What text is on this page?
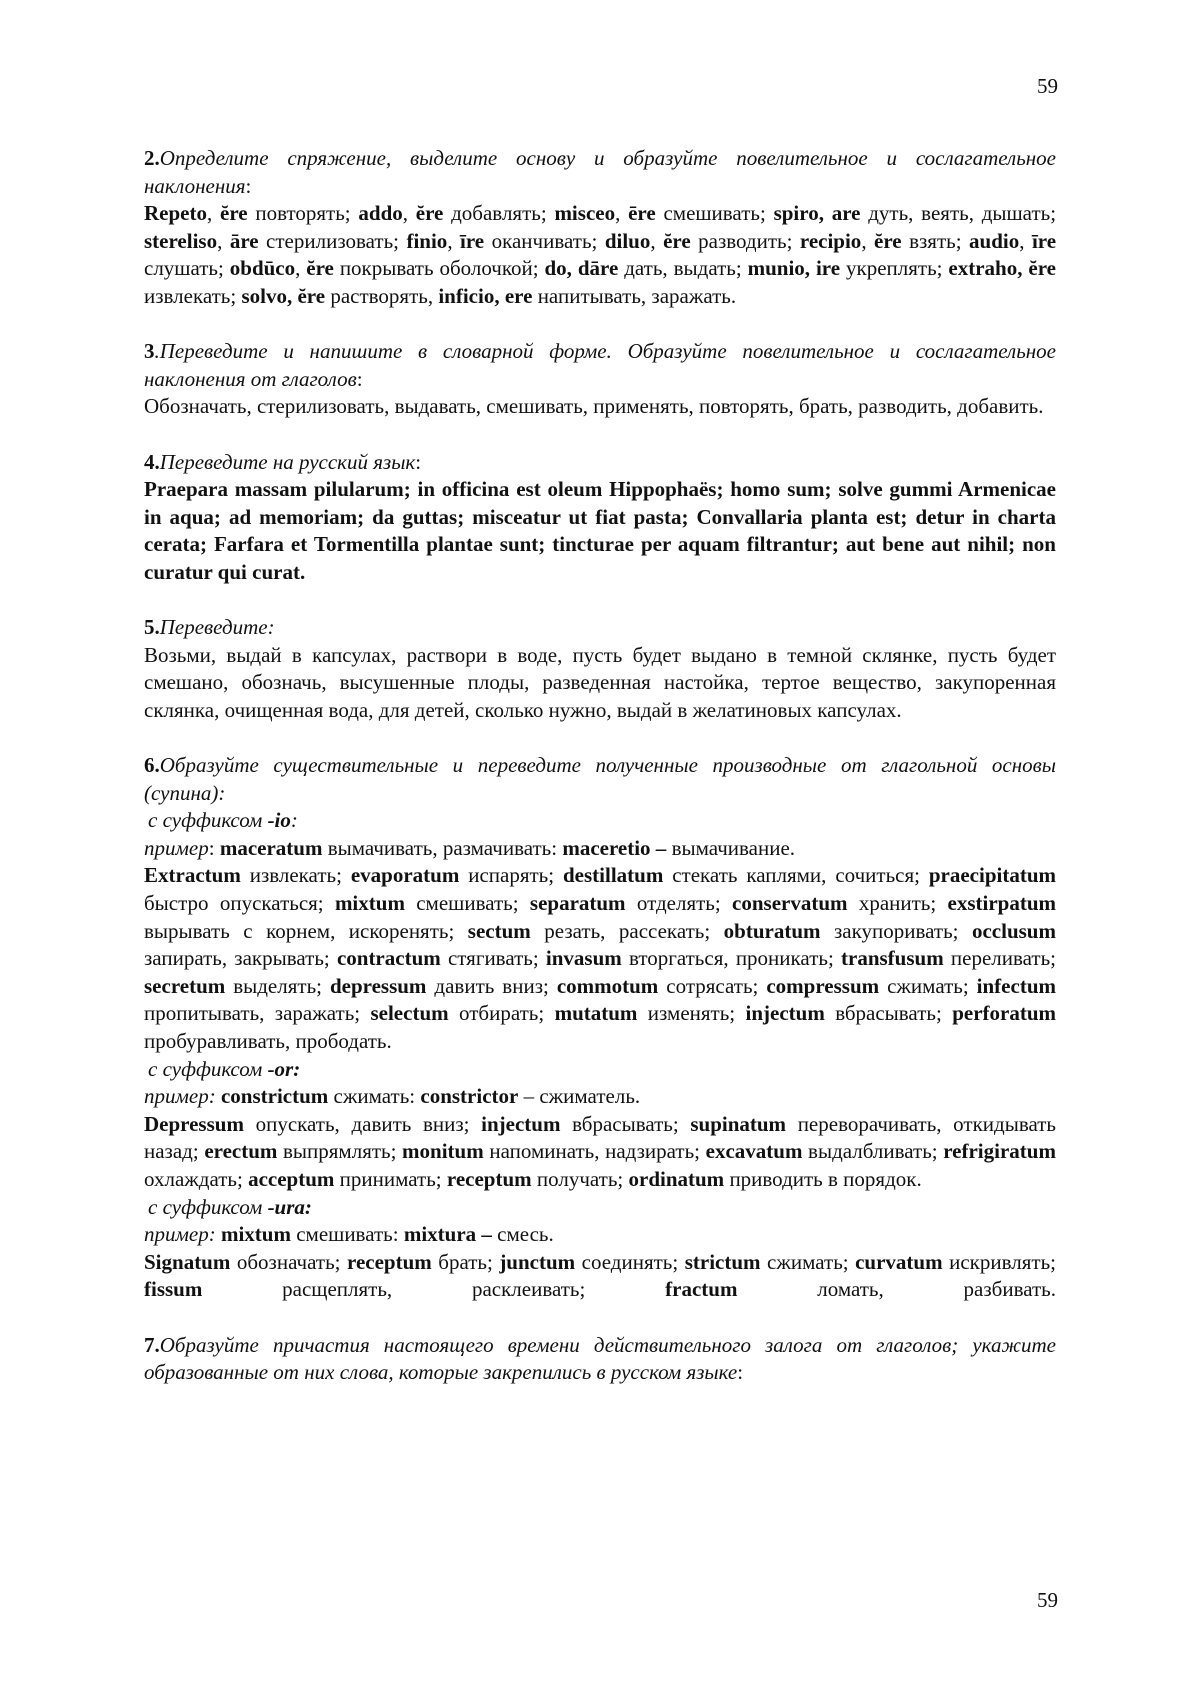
59

2.Определите спряжение, выделите основу и образуйте повелительное и сослагательное наклонения:

Repeto, ĕre повторять; addo, ĕre добавлять; misceo, ēre смешивать; spiro, are дуть, веять, дышать; stereliso, āre стерилизовать; finio, īre оканчивать; diluo, ĕre разводить; recipio, ĕre взять; audio, īre слушать; obdūco, ĕre покрывать оболочкой; do, dāre дать, выдать; munio, ire укреплять; extraho, ĕre извлекать; solvo, ĕre растворять, inficio, ere напитывать, заражать.

3.Переведите и напишите в словарной форме. Образуйте повелительное и сослагательное наклонения от глаголов:

Обозначать, стерилизовать, выдавать, смешивать, применять, повторять, брать, разводить, добавить.

4.Переведите на русский язык:

Praepara massam pilularum; in officina est oleum Hippophaës; homo sum; solve gummi Armenicae in aqua; ad memoriam; da guttas; misceatur ut fiat pasta; Convallaria planta est; detur in charta cerata; Farfara et Tormentilla plantae sunt; tincturae per aquam filtrantur; aut bene aut nihil; non curatur qui curat.

5.Переведите:

Возьми, выдай в капсулах, раствори в воде, пусть будет выдано в темной склянке, пусть будет смешано, обозначь, высушенные плоды, разведенная настойка, тертое вещество, закупоренная склянка, очищенная вода, для детей, сколько нужно, выдай в желатиновых капсулах.

6.Образуйте существительные и переведите полученные производные от глагольной основы (супина):

с суффиксом -io:

пример: maceratum вымачивать, размачивать: maceretio – вымачивание.

Extractum извлекать; evaporatum испарять; destillatum стекать каплями, сочиться; praecipitatum быстро опускаться; mixtum смешивать; separatum отделять; conservatum хранить; exstirpatum вырывать с корнем, искоренять; sectum резать, рассекать; obturatum закупоривать; occlusum запирать, закрывать; contractum стягивать; invasum вторгаться, проникать; transfusum переливать; secretum выделять; depressum давить вниз; commotum сотрясать; compressum сжимать; infectum пропитывать, заражать; selectum отбирать; mutatum изменять; injectum вбрасывать; perforatum пробуравливать, прободать.

с суффиксом -or:

пример: constrictum сжимать: constrictor – сжиматель.

Depressum опускать, давить вниз; injectum вбрасывать; supinatum переворачивать, откидывать назад; erectum выпрямлять; monitum напоминать, надзирать; excavatum выдалбливать; refrigiratum охлаждать; acceptum принимать; receptum получать; ordinatum приводить в порядок.

с суффиксом -ura:

пример: mixtum смешивать: mixtura – смесь.

Signatum обозначать; receptum брать; junctum соединять; strictum сжимать; curvatum искривлять; fissum расщеплять, расклеивать; fractum ломать, разбивать.

7.Образуйте причастия настоящего времени действительного залога от глаголов; укажите образованные от них слова, которые закрепились в русском языке:

59
